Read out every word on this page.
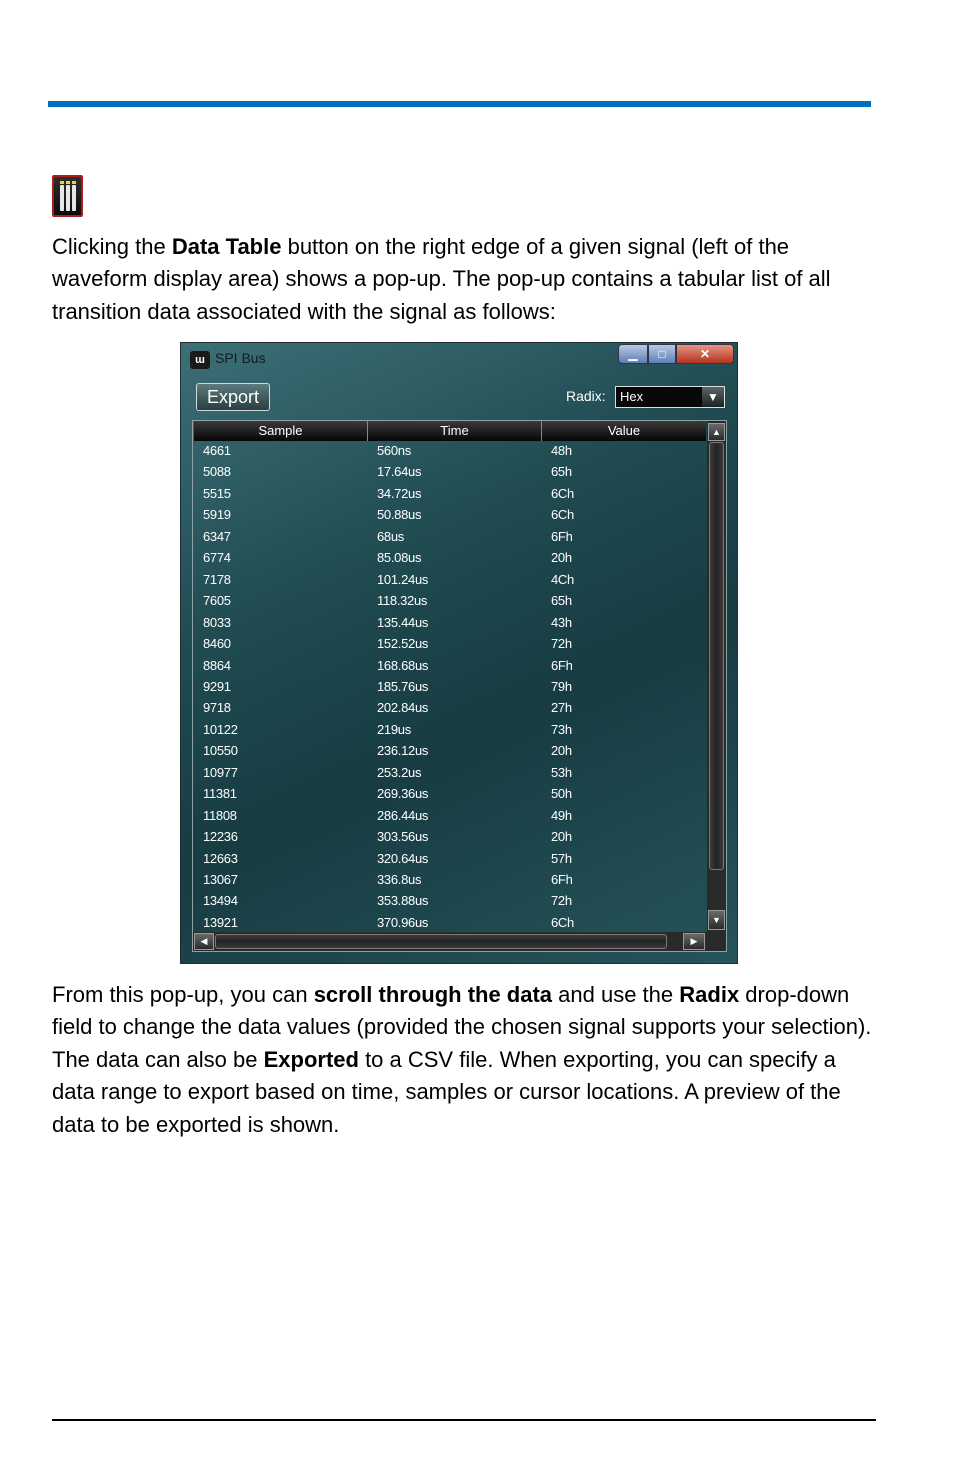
Clicking the Data Table button on the right edge of a given signal (left of the waveform display area) shows a pop-up. The pop-up contains a tabular list of all transition data associated with the signal as follows:

ɯ SPI Bus	▁	□	✕
Export	Radix: Hex	▼
Sample	Time	Value
4661	560ns	48h
5088	17.64us	65h
5515	34.72us	6Ch
5919	50.88us	6Ch
6347	68us	6Fh
6774	85.08us	20h
7178	101.24us	4Ch
7605	118.32us	65h
8033	135.44us	43h
8460	152.52us	72h
8864	168.68us	6Fh
9291	185.76us	79h
9718	202.84us	27h
10122	219us	73h
10550	236.12us	20h
10977	253.2us	53h
11381	269.36us	50h
11808	286.44us	49h
12236	303.56us	20h
12663	320.64us	57h
13067	336.8us	6Fh
13494	353.88us	72h
13921	370.96us	6Ch
▲
▼
◀	▶

From this pop-up, you can scroll through the data and use the Radix drop-down field to change the data values (provided the chosen signal supports your selection). The data can also be Exported to a CSV file. When exporting, you can specify a data range to export based on time, samples or cursor locations. A preview of the data to be exported is shown.
